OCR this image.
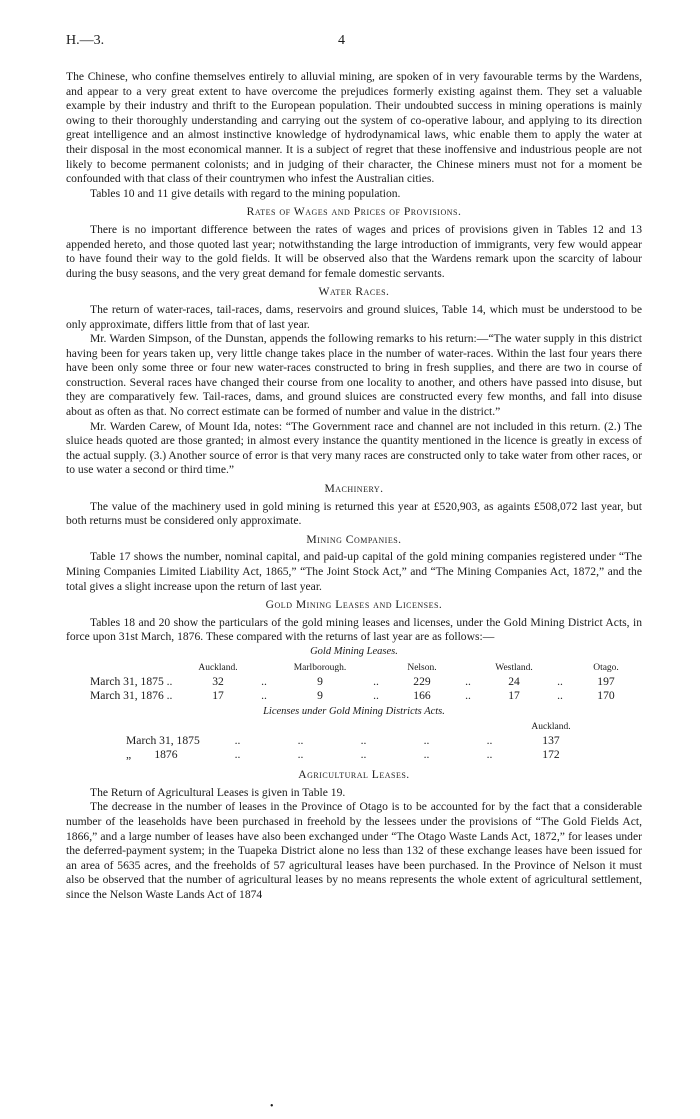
H.—3.	4

The Chinese, who confine themselves entirely to alluvial mining, are spoken of in very favourable terms by the Wardens, and appear to a very great extent to have overcome the prejudices formerly existing against them. They set a valuable example by their industry and thrift to the European population. Their undoubted success in mining operations is mainly owing to their thoroughly understanding and carrying out the system of co-operative labour, and applying to its direction great intelligence and an almost instinctive knowledge of hydrodynamical laws, whic enable them to apply the water at their disposal in the most economical manner. It is a subject of regret that these inoffensive and industrious people are not likely to become permanent colonists; and in judging of their character, the Chinese miners must not for a moment be confounded with that class of their countrymen who infest the Australian cities.

Tables 10 and 11 give details with regard to the mining population.

Rates of Wages and Prices of Provisions.

There is no important difference between the rates of wages and prices of provisions given in Tables 12 and 13 appended hereto, and those quoted last year; notwithstanding the large introduction of immigrants, very few would appear to have found their way to the gold fields. It will be observed also that the Wardens remark upon the scarcity of labour during the busy seasons, and the very great demand for female domestic servants.

Water Races.

The return of water-races, tail-races, dams, reservoirs and ground sluices, Table 14, which must be understood to be only approximate, differs little from that of last year.

Mr. Warden Simpson, of the Dunstan, appends the following remarks to his return:—“The water supply in this district having been for years taken up, very little change takes place in the number of water-races. Within the last four years there have been only some three or four new water-races constructed to bring in fresh supplies, and there are two in course of construction. Several races have changed their course from one locality to another, and others have passed into disuse, but they are comparatively few. Tail-races, dams, and ground sluices are constructed every few months, and fall into disuse about as often as that. No correct estimate can be formed of number and value in the district.”

Mr. Warden Carew, of Mount Ida, notes: “The Government race and channel are not included in this return. (2.) The sluice heads quoted are those granted; in almost every instance the quantity mentioned in the licence is greatly in excess of the actual supply. (3.) Another source of error is that very many races are constructed only to take water from other races, or to use water a second or third time.”

Machinery.

The value of the machinery used in gold mining is returned this year at £520,903, as againts £508,072 last year, but both returns must be considered only approximate.

Mining Companies.

Table 17 shows the number, nominal capital, and paid-up capital of the gold mining companies registered under “The Mining Companies Limited Liability Act, 1865,” “The Joint Stock Act,” and “The Mining Companies Act, 1872,” and the total gives a slight increase upon the return of last year.

Gold Mining Leases and Licenses.

Tables 18 and 20 show the particulars of the gold mining leases and licenses, under the Gold Mining District Acts, in force upon 31st March, 1876. These compared with the returns of last year are as follows:—

Gold Mining Leases.
	Auckland.		Marlborough.		Nelson.		Westland.		Otago.
March 31, 1875 ..	32	..	9	..	229	..	24	..	197
March 31, 1876 ..	17	..	9	..	166	..	17	..	170
Licenses under Gold Mining Districts Acts.
						Auckland.
March 31, 1875	..	..	..	..	..	137
„        1876	..	..	..	..	..	172
Agricultural Leases.

The Return of Agricultural Leases is given in Table 19.

The decrease in the number of leases in the Province of Otago is to be accounted for by the fact that a considerable number of the leaseholds have been purchased in freehold by the lessees under the provisions of “The Gold Fields Act, 1866,” and a large number of leases have also been exchanged under “The Otago Waste Lands Act, 1872,” for leases under the deferred-payment system; in the Tuapeka District alone no less than 132 of these exchange leases have been issued for an area of 5635 acres, and the freeholds of 57 agricultural leases have been purchased. In the Province of Nelson it must also be observed that the number of agricultural leases by no means represents the whole extent of agricultural settlement, since the Nelson Waste Lands Act of 1874

•
